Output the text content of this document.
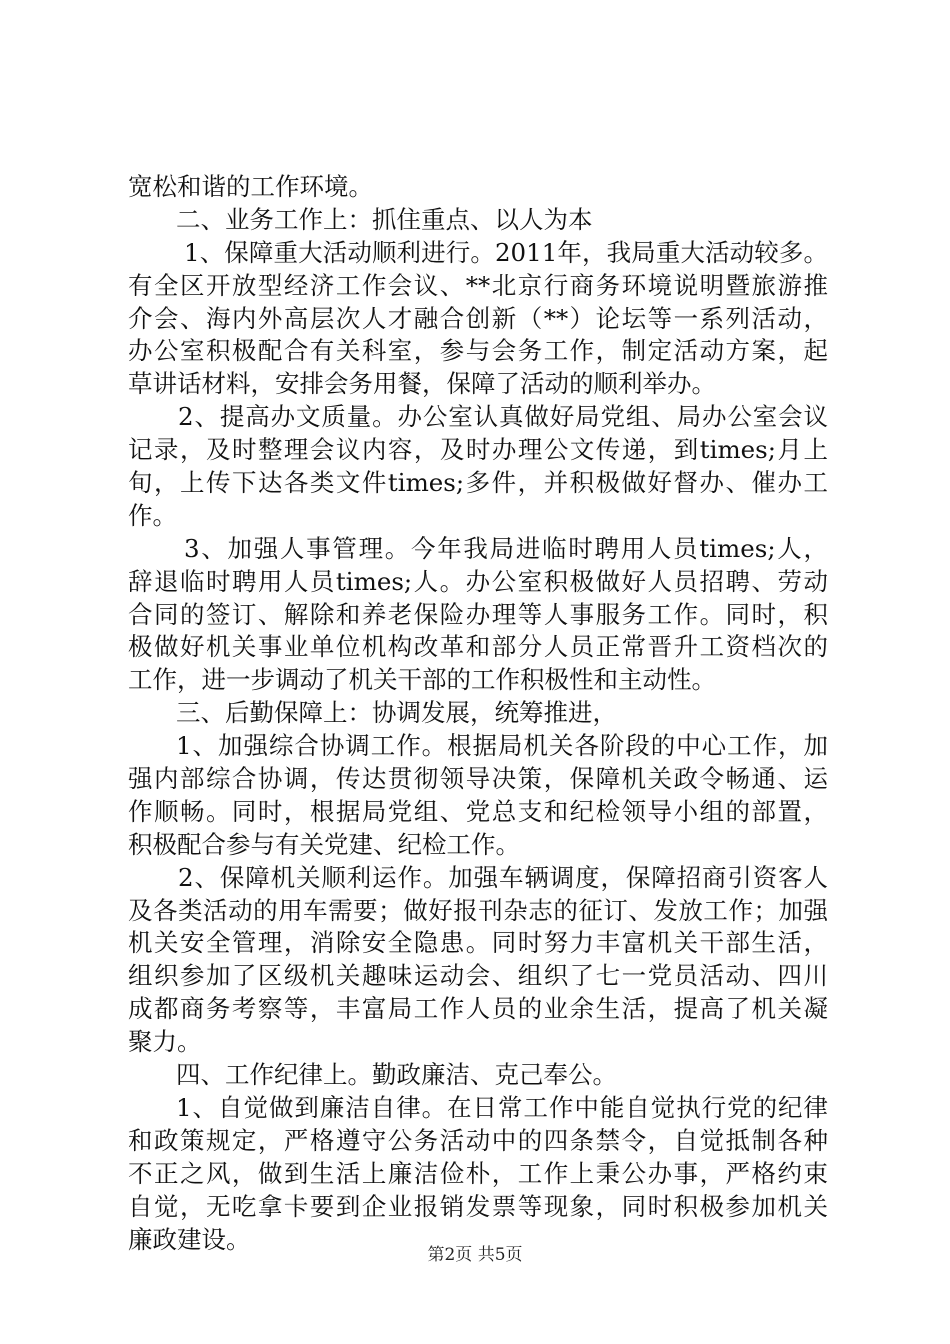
宽松和谐的工作环境。
二、业务工作上：抓住重点、以人为本
1、保障重大活动顺利进行。2011年，我局重大活动较多。
有全区开放型经济工作会议、**北京行商务环境说明暨旅游推
介会、海内外高层次人才融合创新（**）论坛等一系列活动，
办公室积极配合有关科室，参与会务工作，制定活动方案，起
草讲话材料，安排会务用餐，保障了活动的顺利举办。
2、提高办文质量。办公室认真做好局党组、局办公室会议
记录，及时整理会议内容，及时办理公文传递，到times;月上
旬，上传下达各类文件times;多件，并积极做好督办、催办工
作。
3、加强人事管理。今年我局进临时聘用人员times;人，
辞退临时聘用人员times;人。办公室积极做好人员招聘、劳动
合同的签订、解除和养老保险办理等人事服务工作。同时，积
极做好机关事业单位机构改革和部分人员正常晋升工资档次的
工作，进一步调动了机关干部的工作积极性和主动性。
三、后勤保障上：协调发展，统筹推进，
1、加强综合协调工作。根据局机关各阶段的中心工作，加
强内部综合协调，传达贯彻领导决策，保障机关政令畅通、运
作顺畅。同时，根据局党组、党总支和纪检领导小组的部置，
积极配合参与有关党建、纪检工作。
2、保障机关顺利运作。加强车辆调度，保障招商引资客人
及各类活动的用车需要；做好报刊杂志的征订、发放工作；加强
机关安全管理，消除安全隐患。同时努力丰富机关干部生活，
组织参加了区级机关趣味运动会、组织了七一党员活动、四川
成都商务考察等，丰富局工作人员的业余生活，提高了机关凝
聚力。
四、工作纪律上。勤政廉洁、克己奉公。
1、自觉做到廉洁自律。在日常工作中能自觉执行党的纪律
和政策规定，严格遵守公务活动中的四条禁令，自觉抵制各种
不正之风，做到生活上廉洁俭朴，工作上秉公办事，严格约束
自觉，无吃拿卡要到企业报销发票等现象，同时积极参加机关
廉政建设。
第2页 共5页
